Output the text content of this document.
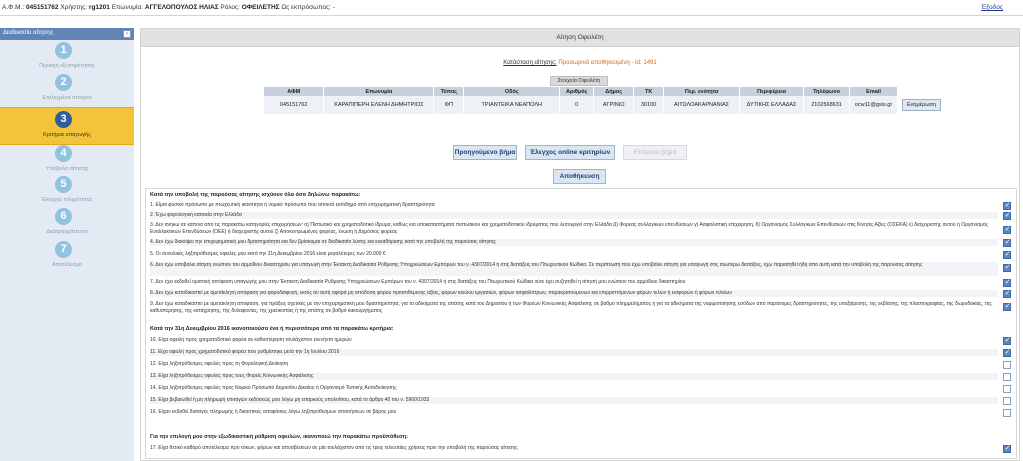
Α.Φ.Μ.: 045151762 Χρήστης: rg1201 Επωνυμία: ΑΓΓΕΛΟΠΟΥΛΟΣ ΗΛΙΑΣ Ρόλος: ΟΦΕΙΛΕΤΗΣ Ως εκπρόσωπος: -	Έξοδος
Διαδικασία αίτησης	‹
1
Περιοχή εξυπηρέτησης
2
Επιλεγμένα στοιχεία
3
Κριτήρια υπαγωγής
4
Υποβολή αίτησης
5
Έλεγχος πληρότητας
6
Διαπραγμάτευση
7
Αποτέλεσμα
Αίτηση Οφειλέτη
Κατάσταση αίτησης: Προσωρινά αποθηκευμένη - Id: 1491
Στοιχεία Οφειλέτη
ΑΦΜ	Επωνυμία	Τύπος	Οδός	Αριθμός	Δήμος	ΤΚ	Περ. ενότητα	Περιφέρεια	Τηλέφωνο	Email	
045151762	ΚΑΡΑΠΙΠΕΡΗ ΕΛΕΝΗ ΔΗΜΗΤΡΙΟΣ	ΦΠ	ΤΡΙΑΝΤΕΙΚΑ ΝΕΑΠΟΛΗ	0	ΑΓΡΙΝΙΟ	30100	ΑΙΤΩΛΟΑΚΑΡΝΑΝΙΑΣ	ΔΥΤΙΚΗΣ ΕΛΛΑΔΑΣ	2102568631	ocw11@gsis.gr	Ενημέρωση
Προηγούμενο βήμα	Έλεγχος online κριτηρίων	Επόμενο βήμα
Αποθήκευση
Κατά την υποβολή της παρούσας αίτησης ισχύουν όλα όσα δηλώνω παρακάτω:
1. Είμαι φυσικό πρόσωπο με πτωχευτική ικανότητα ή νομικό πρόσωπο που αποκτά εισόδημα από επιχειρηματική δραστηριότητα
✓
2. Έχω φορολογική κατοικία στην Ελλάδα
✓
3. Δεν ανήκω σε κάποια από τις παρακάτω κατηγορίες επιχειρήσεων: α) Πιστωτικό και χρηματοδοτικό ίδρυμα, καθώς και υποκαταστήματα πιστωτικού και χρηματοδοτικού ιδρύματος που λειτουργεί στην Ελλάδα β) Φορέας συλλογικών επενδύσεων γ) Ασφαλιστική επιχείρηση, δ) Οργανισμός Συλλογικών Επενδύσεων στις Κινητές Αξίες (ΟΣΕΚΑ) ε) διαχειριστής αυτού ή Οργανισμός Εναλλακτικών Επενδύσεων (ΟΕΕ) ή διαχειριστής αυτού ζ) Αποκεντρωμένος φορέας, ένωση ή Δημόσιος φορέας
✓
4. Δεν έχω διακόψει την επιχειρηματική μου δραστηριότητα και δεν βρίσκομαι σε διαδικασία λύσης και εκκαθάρισης κατά την υποβολή της παρούσας αίτησης
✓
5. Οι συνολικές ληξιπρόθεσμες οφειλές μου κατά την 31η Δεκεμβρίου 2016 είναι μεγαλύτερες των 20.000 €
✓
6. Δεν έχω υποβάλει αίτηση ενώπιον του αρμόδιου δικαστηρίου για υπαγωγή στην Έκτακτη Διαδικασία Ρύθμισης Υποχρεώσεων Εμπόρων του ν. 4307/2014 ή στις διατάξεις του Πτωχευτικού Κώδικα. Σε περίπτωση που έχω υποβάλει αίτηση για υπαγωγή στις ανωτέρω διατάξεις, έχω παραιτηθεί ήδη από αυτή κατά την υποβολή της παρούσας αίτησης
✓
7. Δεν έχει εκδοθεί οριστική απόφαση υπαγωγής μου στην Έκτακτη Διαδικασία Ρύθμισης Υποχρεώσεων Εμπόρων του ν. 4307/2014 ή στις διατάξεις του Πτωχευτικού Κώδικα ούτε έχει συζητηθεί η αίτησή μου ενώπιον του αρμόδιου δικαστηρίου
✓
8. Δεν έχω καταδικαστεί με αμετάκλητη απόφαση για φοροδιαφυγή, εκτός αν αυτή αφορά μη απόδοση φόρου προστιθέμενης αξίας, φόρων κύκλου εργασιών, φόρων ασφαλίστρων, παρακρατούμενων και επιρριπτόμενων φόρων τελών ή εισφορών ή φόρων πλοίων
✓
9. Δεν έχω καταδικαστεί με αμετάκλητη απόφαση, για πράξεις σχετικές με την επιχειρηματική μου δραστηριότητα, για τα αδικήματα της απάτης κατά του Δημοσίου ή των Φορέων Κοινωνικής Ασφάλισης σε βαθμό πλημμελήματος ή για τα αδικήματα της νομιμοποίησης εσόδων από παράνομες δραστηριότητες, της υπεξαίρεσης, της εκβίασης, της πλαστογραφίας, της δωροδοκίας, της καθυστέρησης, της κατάχρησης, της δολοφονίας, της χρεοκοπίας ή της απάτης σε βαθμό κακουργήματος
✓
Κατά την 31η Δεκεμβρίου 2016 ικανοποιούσα ένα ή περισσότερα από τα παρακάτω κριτήρια:
10. Είχα οφειλή προς χρηματοδοτικό φορέα σε καθυστέρηση τουλάχιστον ενενήντα ημερών
✓
11. Είχα οφειλή προς χρηματοδοτικό φορέα που ρυθμίστηκε μετά την 1η Ιουλίου 2016
✓
12. Είχα ληξιπρόθεσμες οφειλές προς τη Φορολογική Διοίκηση
13. Είχα ληξιπρόθεσμες οφειλές προς τους Φορείς Κοινωνικής Ασφάλισης
14. Είχα ληξιπρόθεσμες οφειλές προς Νομικό Πρόσωπο Δημοσίου Δικαίου ή Οργανισμό Τοπικής Αυτοδιοίκησης
15. Είχα βεβαιωθεί ή μη πληρωμή επιταγών εκδόσεώς μου λόγω μη επαρκούς υπολοίπου, κατά το άρθρο 40 του ν. 5960/1933
16. Είχαν εκδοθεί διαταγές πληρωμής ή δικαστικές αποφάσεις λόγω ληξιπρόθεσμων απαιτήσεων σε βάρος μου
Για την επιλογή μου στην εξωδικαστική ρύθμιση οφειλών, ικανοποιώ την παρακάτω προϋπόθεση:
17. Είχα θετικό καθαρό αποτέλεσμα προ τόκων, φόρων και αποσβέσεων σε μία τουλάχιστον από τις τρεις τελευταίες χρήσεις πριν την υποβολή της παρούσας αίτησης
✓
